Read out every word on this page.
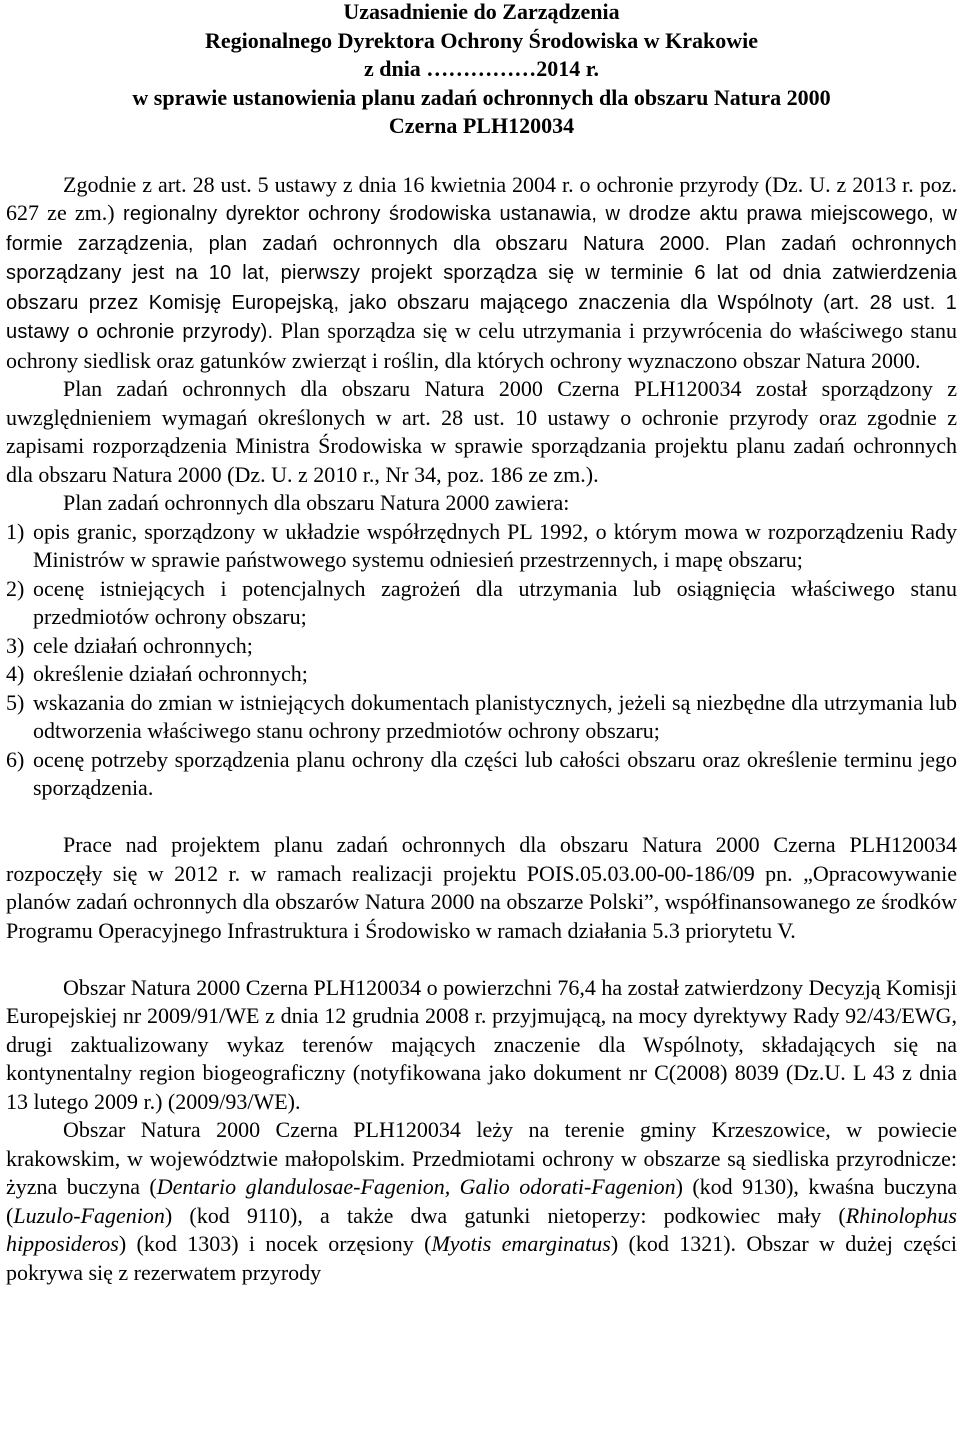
Uzasadnienie do Zarządzenia
Regionalnego Dyrektora Ochrony Środowiska w Krakowie
z dnia ……………2014 r.
w sprawie ustanowienia planu zadań ochronnych dla obszaru Natura 2000
Czerna PLH120034

Zgodnie z art. 28 ust. 5 ustawy z dnia 16 kwietnia 2004 r. o ochronie przyrody (Dz. U. z 2013 r. poz. 627 ze zm.) regionalny dyrektor ochrony środowiska ustanawia, w drodze aktu prawa miejscowego, w formie zarządzenia, plan zadań ochronnych dla obszaru Natura 2000. Plan zadań ochronnych sporządzany jest na 10 lat, pierwszy projekt sporządza się w terminie 6 lat od dnia zatwierdzenia obszaru przez Komisję Europejską, jako obszaru mającego znaczenia dla Wspólnoty (art. 28 ust. 1 ustawy o ochronie przyrody). Plan sporządza się w celu utrzymania i przywrócenia do właściwego stanu ochrony siedlisk oraz gatunków zwierząt i roślin, dla których ochrony wyznaczono obszar Natura 2000.

Plan zadań ochronnych dla obszaru Natura 2000 Czerna PLH120034 został sporządzony z uwzględnieniem wymagań określonych w art. 28 ust. 10 ustawy o ochronie przyrody oraz zgodnie z zapisami rozporządzenia Ministra Środowiska w sprawie sporządzania projektu planu zadań ochronnych dla obszaru Natura 2000 (Dz. U. z 2010 r., Nr 34, poz. 186 ze zm.).

Plan zadań ochronnych dla obszaru Natura 2000 zawiera:

1) opis granic, sporządzony w układzie współrzędnych PL 1992, o którym mowa w rozporządzeniu Rady Ministrów w sprawie państwowego systemu odniesień przestrzennych, i mapę obszaru;
2) ocenę istniejących i potencjalnych zagrożeń dla utrzymania lub osiągnięcia właściwego stanu przedmiotów ochrony obszaru;
3) cele działań ochronnych;
4) określenie działań ochronnych;
5) wskazania do zmian w istniejących dokumentach planistycznych, jeżeli są niezbędne dla utrzymania lub odtworzenia właściwego stanu ochrony przedmiotów ochrony obszaru;
6) ocenę potrzeby sporządzenia planu ochrony dla części lub całości obszaru oraz określenie terminu jego sporządzenia.

Prace nad projektem planu zadań ochronnych dla obszaru Natura 2000 Czerna PLH120034 rozpoczęły się w 2012 r. w ramach realizacji projektu POIS.05.03.00-00-186/09 pn. „Opracowywanie planów zadań ochronnych dla obszarów Natura 2000 na obszarze Polski”, współfinansowanego ze środków Programu Operacyjnego Infrastruktura i Środowisko w ramach działania 5.3 priorytetu V.

Obszar Natura 2000 Czerna PLH120034 o powierzchni 76,4 ha został zatwierdzony Decyzją Komisji Europejskiej nr 2009/91/WE z dnia 12 grudnia 2008 r. przyjmującą, na mocy dyrektywy Rady 92/43/EWG, drugi zaktualizowany wykaz terenów mających znaczenie dla Wspólnoty, składających się na kontynentalny region biogeograficzny (notyfikowana jako dokument nr C(2008) 8039 (Dz.U. L 43 z dnia 13 lutego 2009 r.) (2009/93/WE).

Obszar Natura 2000 Czerna PLH120034 leży na terenie gminy Krzeszowice, w powiecie krakowskim, w województwie małopolskim. Przedmiotami ochrony w obszarze są siedliska przyrodnicze: żyzna buczyna (Dentario glandulosae-Fagenion, Galio odorati-Fagenion) (kod 9130), kwaśna buczyna (Luzulo-Fagenion) (kod 9110), a także dwa gatunki nietoperzy: podkowiec mały (Rhinolophus hipposideros) (kod 1303) i nocek orzęsiony (Myotis emarginatus) (kod 1321). Obszar w dużej części pokrywa się z rezerwatem przyrody
